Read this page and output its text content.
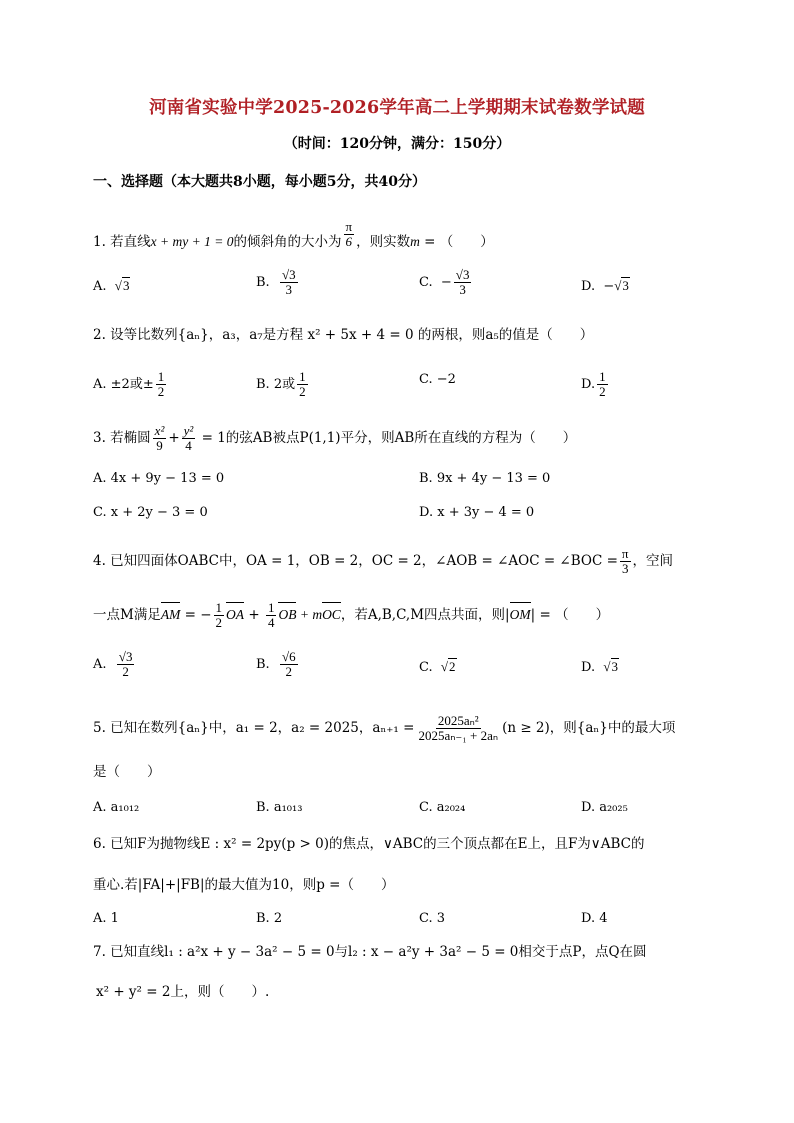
河南省实验中学2025-2026学年高二上学期期末试卷数学试题
（时间：120分钟，满分：150分）
一、选择题（本大题共8小题，每小题5分，共40分）
1. 若直线x + my + 1 = 0的倾斜角的大小为 $\frac{\pi}{6}$ ，则实数m = （　　）
A. √3	B. $\frac{√3}{3}$	C. − $\frac{√3}{3}$	D. −√3
2. 设等比数列{aₙ}，a₃，a₇是方程 x² + 5x + 4 = 0 的两根，则a₅的值是（　　）
A. ±2或± $\frac{1}{2}$	B. 2或 $\frac{1}{2}$	C. −2	D. $\frac{1}{2}$
3. 若椭圆 $\frac{\text{x²}}{9} + \frac{\text{y²}}{4} = 1$的弦AB被点P(1,1)平分，则AB所在直线的方程为（　　）
A. 4x + 9y − 13 = 0	B. 9x + 4y − 13 = 0
C. x + 2y − 3 = 0	D. x + 3y − 4 = 0
4. 已知四面体OABC中，OA = 1，OB = 2，OC = 2，∠AOB = ∠AOC = ∠BOC = $\frac{\pi}{3}$ ，空间
一点M满足AM = − $\frac{1}{2}$ OA + $\frac{1}{4}$ OB + mOC，若A,B,C,M四点共面，则|OM| = （　　）
A. $\frac{√3}{2}$	B. $\frac{√6}{2}$	C. √2	D. √3
5. 已知在数列{aₙ}中，a₁ = 2，a₂ = 2025，$a_{n+1} = \frac{\text{2025aₙ²}}{\text{2025aₙ₋₁ + 2aₙ}} (n \ge 2)$，则{aₙ}中的最大项
是（　　）
A. a₁₀₁₂	B. a₁₀₁₃	C. a₂₀₂₄	D. a₂₀₂₅
6. 已知F为抛物线E : x² = 2py(p > 0)的焦点，∨ABC的三个顶点都在E上，且F为∨ABC的
重心.若|FA|+|FB|的最大值为10，则p =（　　）
A. 1	B. 2	C. 3	D. 4
7. 已知直线l₁ : a²x + y − 3a² − 5 = 0与l₂ : x − a²y + 3a² − 5 = 0相交于点P，点Q在圆
x² + y² = 2上，则（　　）.
